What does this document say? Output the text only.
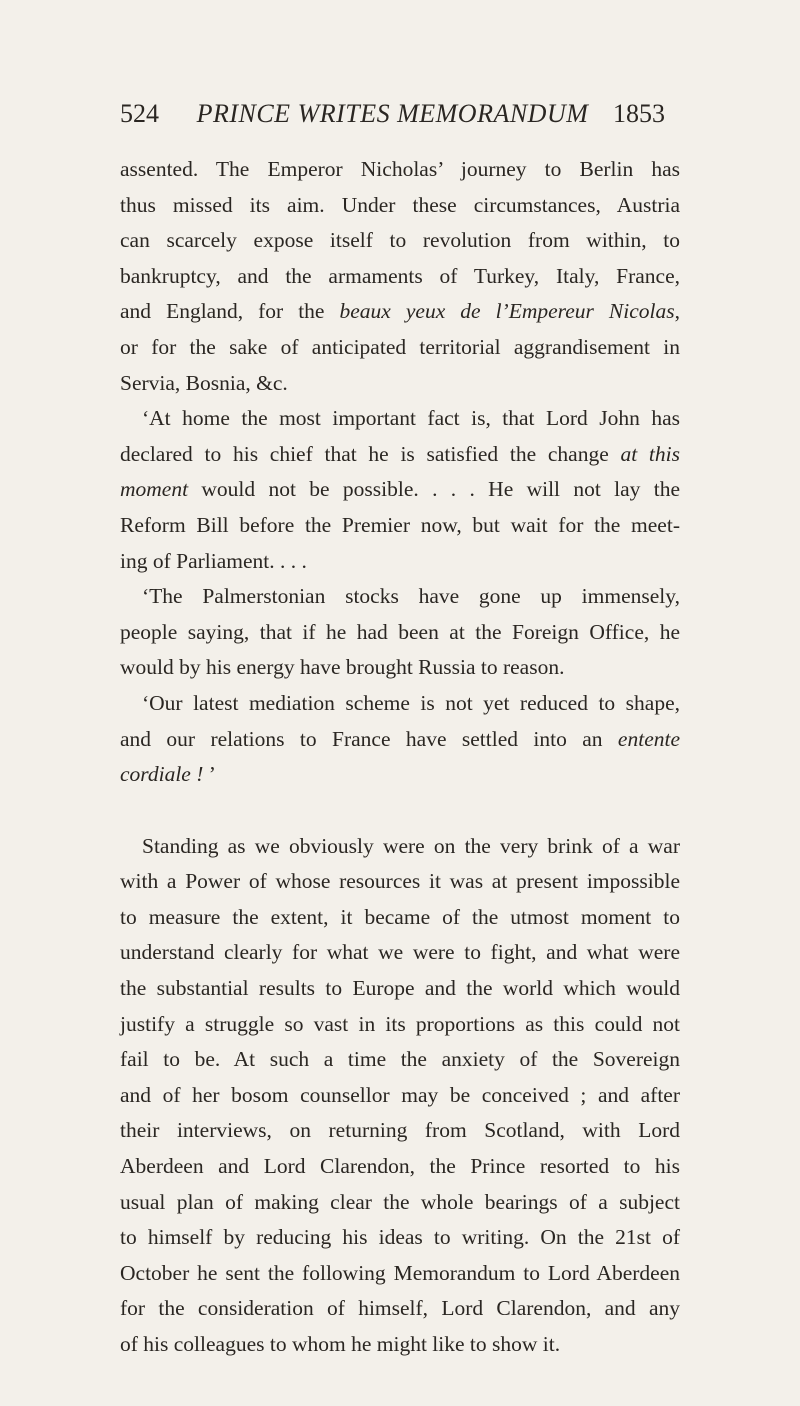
524	PRINCE WRITES MEMORANDUM 1853
assented. The Emperor Nicholas’ journey to Berlin has
thus missed its aim. Under these circumstances, Austria
can scarcely expose itself to revolution from within, to
bankruptcy, and the armaments of Turkey, Italy, France,
and England, for the beaux yeux de l’Empereur Nicolas,
or for the sake of anticipated territorial aggrandisement in
Servia, Bosnia, &c.
‘At home the most important fact is, that Lord John has
declared to his chief that he is satisfied the change at this
moment would not be possible. . . . He will not lay the
Reform Bill before the Premier now, but wait for the meet-
ing of Parliament. . . .
‘The Palmerstonian stocks have gone up immensely,
people saying, that if he had been at the Foreign Office, he
would by his energy have brought Russia to reason.
‘Our latest mediation scheme is not yet reduced to shape,
and our relations to France have settled into an entente
cordiale ! ’
Standing as we obviously were on the very brink of a war
with a Power of whose resources it was at present impossible
to measure the extent, it became of the utmost moment to
understand clearly for what we were to fight, and what were
the substantial results to Europe and the world which would
justify a struggle so vast in its proportions as this could not
fail to be. At such a time the anxiety of the Sovereign
and of her bosom counsellor may be conceived ; and after
their interviews, on returning from Scotland, with Lord
Aberdeen and Lord Clarendon, the Prince resorted to his
usual plan of making clear the whole bearings of a subject
to himself by reducing his ideas to writing. On the 21st of
October he sent the following Memorandum to Lord Aberdeen
for the consideration of himself, Lord Clarendon, and any
of his colleagues to whom he might like to show it.
